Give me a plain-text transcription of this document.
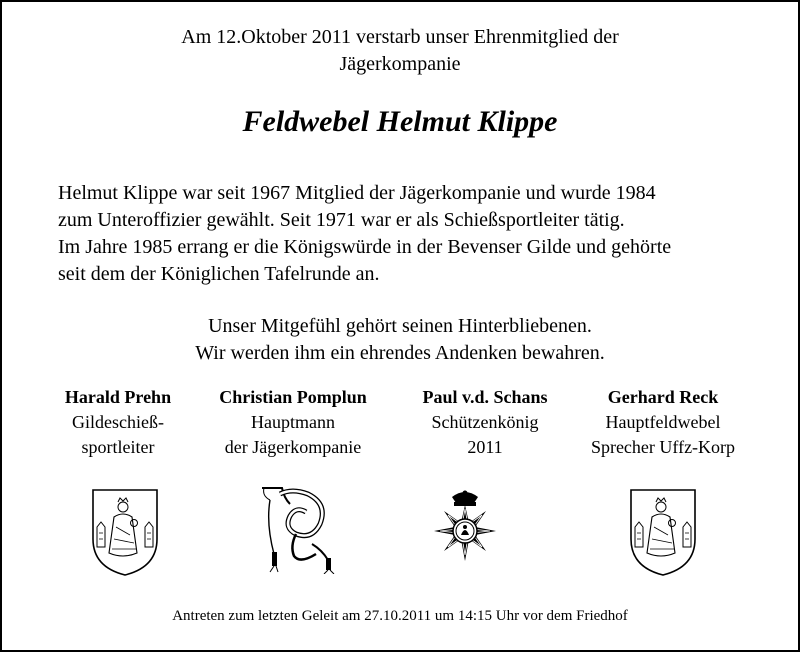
Am 12.Oktober 2011 verstarb unser Ehrenmitglied der
Jägerkompanie
Feldwebel Helmut Klippe
Helmut Klippe war seit 1967 Mitglied der Jägerkompanie und wurde 1984
zum Unteroffizier gewählt. Seit 1971 war er als Schießsportleiter tätig.
Im Jahre 1985 errang er die Königswürde in der Bevenser Gilde und gehörte
seit dem der Königlichen Tafelrunde an.
Unser Mitgefühl gehört seinen Hinterbliebenen.
Wir werden ihm ein ehrendes Andenken bewahren.
Harald Prehn
Gildeschieß-
sportleiter
Christian Pomplun
Hauptmann
der Jägerkompanie
Paul v.d. Schans
Schützenkönig
2011
Gerhard Reck
Hauptfeldwebel
Sprecher Uffz-Korp
Antreten zum letzten Geleit am 27.10.2011 um 14:15 Uhr vor dem Friedhof
